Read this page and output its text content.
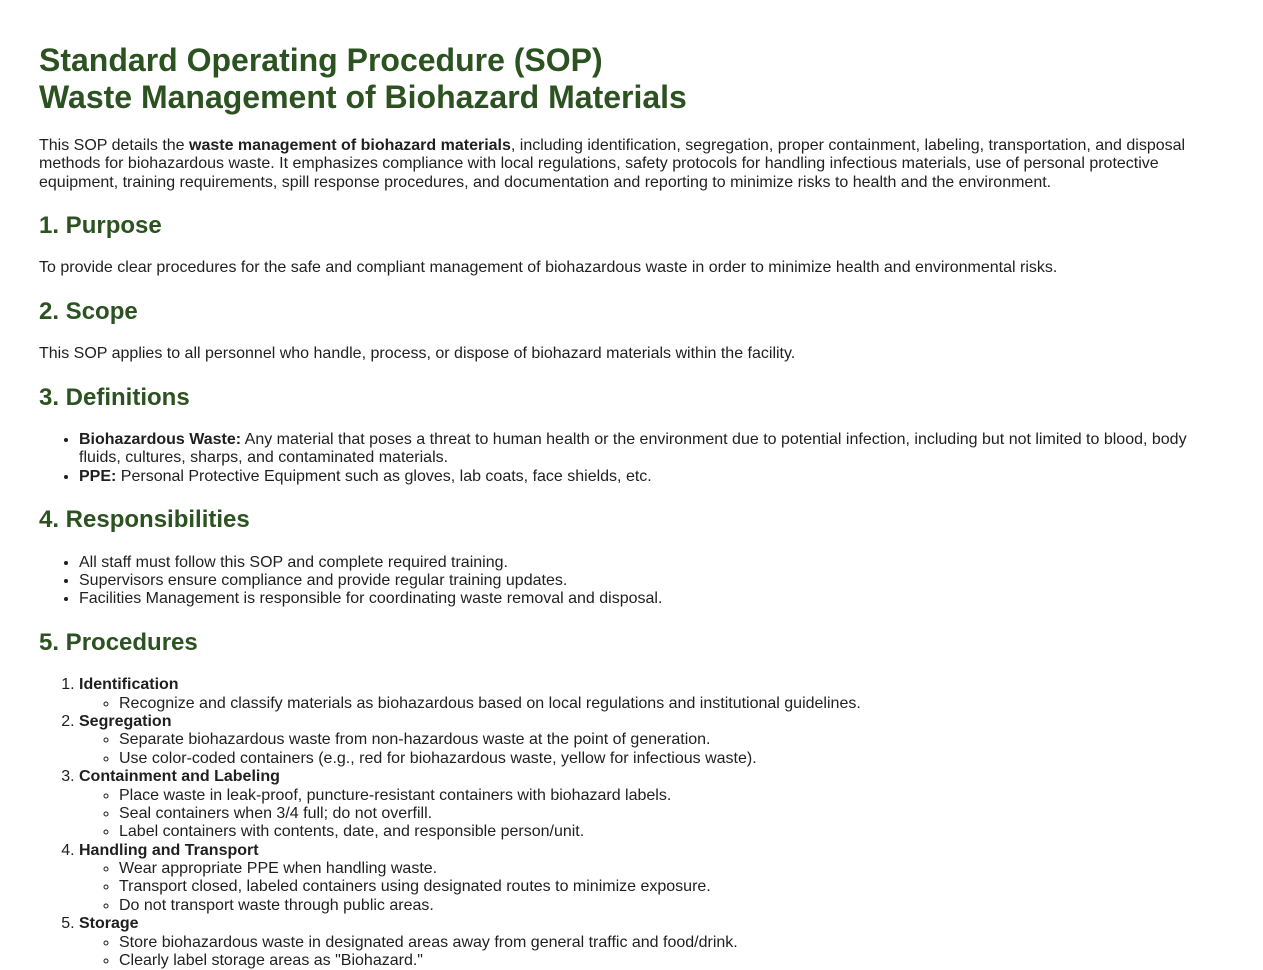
Standard Operating Procedure (SOP)
Waste Management of Biohazard Materials

This SOP details the waste management of biohazard materials, including identification, segregation, proper containment, labeling, transportation, and disposal methods for biohazardous waste. It emphasizes compliance with local regulations, safety protocols for handling infectious materials, use of personal protective equipment, training requirements, spill response procedures, and documentation and reporting to minimize risks to health and the environment.

1. Purpose

To provide clear procedures for the safe and compliant management of biohazardous waste in order to minimize health and environmental risks.

2. Scope

This SOP applies to all personnel who handle, process, or dispose of biohazard materials within the facility.

3. Definitions
• Biohazardous Waste: Any material that poses a threat to human health or the environment due to potential infection, including but not limited to blood, body fluids, cultures, sharps, and contaminated materials.
• PPE: Personal Protective Equipment such as gloves, lab coats, face shields, etc.
4. Responsibilities
• All staff must follow this SOP and complete required training.
• Supervisors ensure compliance and provide regular training updates.
• Facilities Management is responsible for coordinating waste removal and disposal.
5. Procedures
1. Identification
◦ Recognize and classify materials as biohazardous based on local regulations and institutional guidelines.
2. Segregation
◦ Separate biohazardous waste from non-hazardous waste at the point of generation.
◦ Use color-coded containers (e.g., red for biohazardous waste, yellow for infectious waste).
3. Containment and Labeling
◦ Place waste in leak-proof, puncture-resistant containers with biohazard labels.
◦ Seal containers when 3/4 full; do not overfill.
◦ Label containers with contents, date, and responsible person/unit.
4. Handling and Transport
◦ Wear appropriate PPE when handling waste.
◦ Transport closed, labeled containers using designated routes to minimize exposure.
◦ Do not transport waste through public areas.
5. Storage
◦ Store biohazardous waste in designated areas away from general traffic and food/drink.
◦ Clearly label storage areas as "Biohazard."
